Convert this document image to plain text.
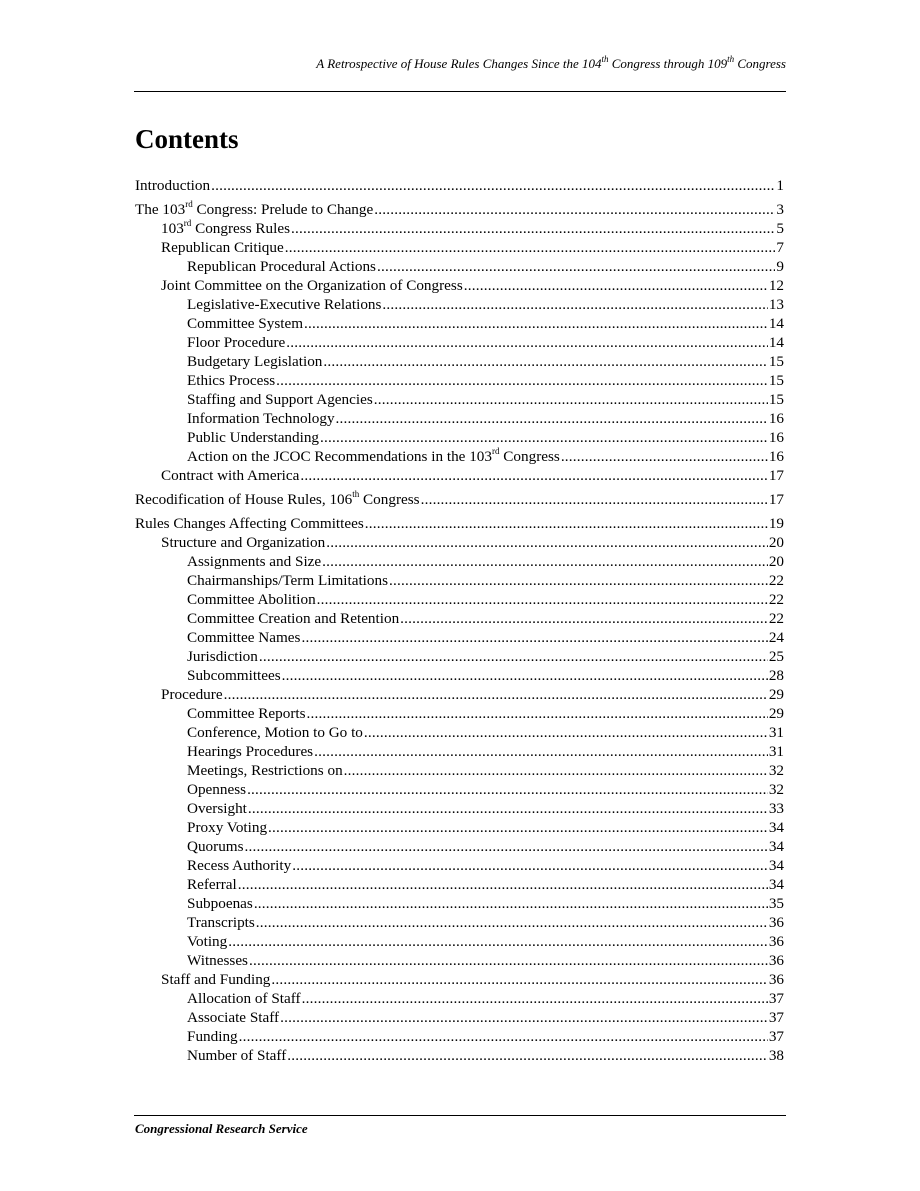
A Retrospective of House Rules Changes Since the 104th Congress through 109th Congress
Contents
Introduction .....	1
The 103rd Congress: Prelude to Change .....	3
103rd Congress Rules .....	5
Republican Critique .....	7
Republican Procedural Actions .....	9
Joint Committee on the Organization of Congress .....	12
Legislative-Executive Relations .....	13
Committee System .....	14
Floor Procedure .....	14
Budgetary Legislation .....	15
Ethics Process .....	15
Staffing and Support Agencies .....	15
Information Technology .....	16
Public Understanding .....	16
Action on the JCOC Recommendations in the 103rd Congress .....	16
Contract with America .....	17
Recodification of House Rules, 106th Congress .....	17
Rules Changes Affecting Committees .....	19
Structure and Organization .....	20
Assignments and Size .....	20
Chairmanships/Term Limitations .....	22
Committee Abolition .....	22
Committee Creation and Retention .....	22
Committee Names .....	24
Jurisdiction .....	25
Subcommittees .....	28
Procedure .....	29
Committee Reports .....	29
Conference, Motion to Go to .....	31
Hearings Procedures .....	31
Meetings, Restrictions on .....	32
Openness .....	32
Oversight .....	33
Proxy Voting .....	34
Quorums .....	34
Recess Authority .....	34
Referral .....	34
Subpoenas .....	35
Transcripts .....	36
Voting .....	36
Witnesses .....	36
Staff and Funding .....	36
Allocation of Staff .....	37
Associate Staff .....	37
Funding .....	37
Number of Staff .....	38
Congressional Research Service
